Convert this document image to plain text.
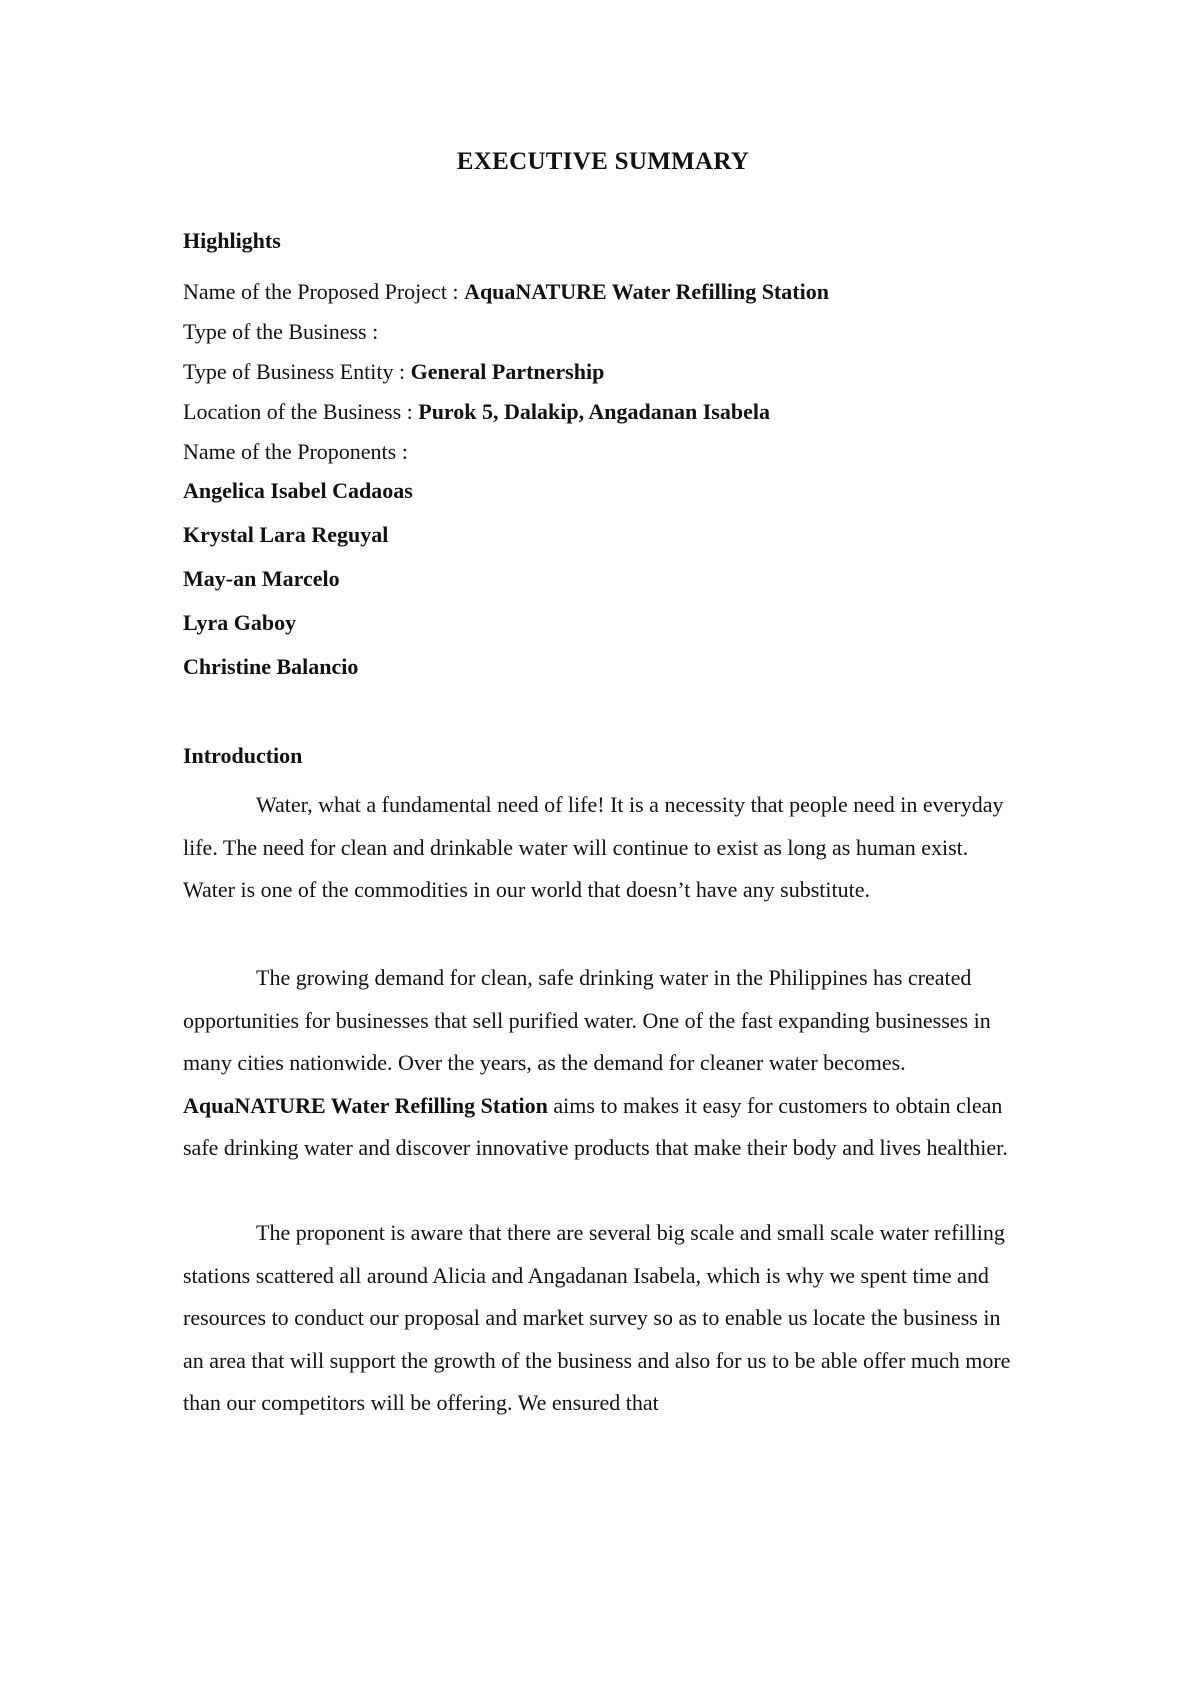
EXECUTIVE SUMMARY
Highlights
Name of the Proposed Project : AquaNATURE Water Refilling Station
Type of the Business :
Type of Business Entity : General Partnership
Location of the Business : Purok 5, Dalakip, Angadanan Isabela
Name of the Proponents :
Angelica Isabel Cadaoas
Krystal Lara Reguyal
May-an Marcelo
Lyra Gaboy
Christine Balancio
Introduction
Water, what a fundamental need of life! It is a necessity that people need in everyday life. The need for clean and drinkable water will continue to exist as long as human exist. Water is one of the commodities in our world that doesn’t have any substitute.
The growing demand for clean, safe drinking water in the Philippines has created opportunities for businesses that sell purified water. One of the fast expanding businesses in many cities nationwide. Over the years, as the demand for cleaner water becomes. AquaNATURE Water Refilling Station aims to makes it easy for customers to obtain clean safe drinking water and discover innovative products that make their body and lives healthier.
The proponent is aware that there are several big scale and small scale water refilling stations scattered all around Alicia and Angadanan Isabela, which is why we spent time and resources to conduct our proposal and market survey so as to enable us locate the business in an area that will support the growth of the business and also for us to be able offer much more than our competitors will be offering. We ensured that
